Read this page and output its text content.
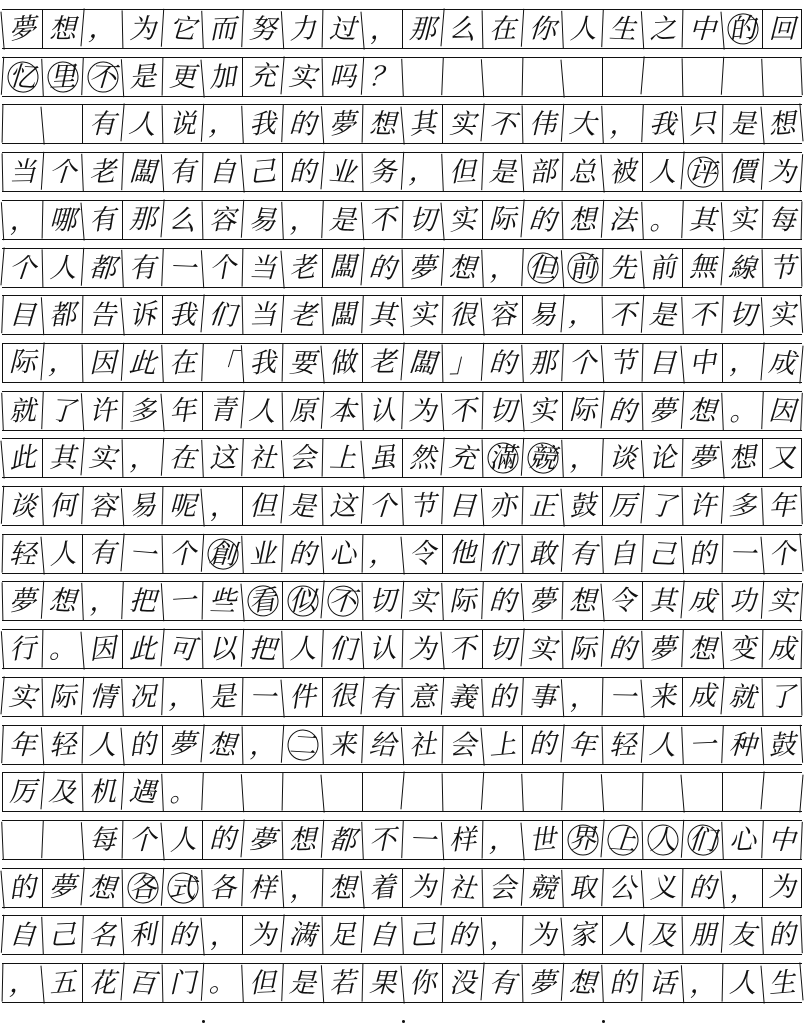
夢 想 ， 为 它 而 努 力 过 ， 那 么 在 你 人 生 之 中 的 回
忆 里 不 是 更 加 充 实 吗 ？
有 人 说 ， 我 的 夢 想 其 实 不 伟 大 ， 我 只 是 想
当 个 老 闆 有 自 己 的 业 务 ， 但 是 部 总 被 人 评 價 为
， 哪 有 那 么 容 易 ， 是 不 切 实 际 的 想 法 。 其 实 每
个 人 都 有 一 个 当 老 闆 的 夢 想 ， 但 前 先 前 無 線 节
目 都 告 诉 我 们 当 老 闆 其 实 很 容 易 ， 不 是 不 切 实
际 ， 因 此 在 「 我 要 做 老 闆 」 的 那 个 节 目 中 ， 成
就 了 许 多 年 青 人 原 本 认 为 不 切 实 际 的 夢 想 。 因
此 其 实 ， 在 这 社 会 上 虽 然 充 滿 競 ， 谈 论 夢 想 又
谈 何 容 易 呢 ， 但 是 这 个 节 目 亦 正 鼓 厉 了 许 多 年
轻 人 有 一 个 創 业 的 心 ， 令 他 们 敢 有 自 己 的 一 个
夢 想 ， 把 一 些 看 似 不 切 实 际 的 夢 想 令 其 成 功 实
行 。 因 此 可 以 把 人 们 认 为 不 切 实 际 的 夢 想 变 成
实 际 情 况 ， 是 一 件 很 有 意 義 的 事 ， 一 来 成 就 了
年 轻 人 的 夢 想 ， 二 来 给 社 会 上 的 年 轻 人 一 种 鼓
厉 及 机 遇 。
每 个 人 的 夢 想 都 不 一 样 ， 世 界 上 人 们 心 中
的 夢 想 各 式 各 样 ， 想 着 为 社 会 競 取 公 义 的 ， 为
自 己 名 利 的 ， 为 满 足 自 己 的 ， 为 家 人 及 朋 友 的
， 五 花 百 门 。 但 是 若 果 你 没 有 夢 想 的 话 ， 人 生
